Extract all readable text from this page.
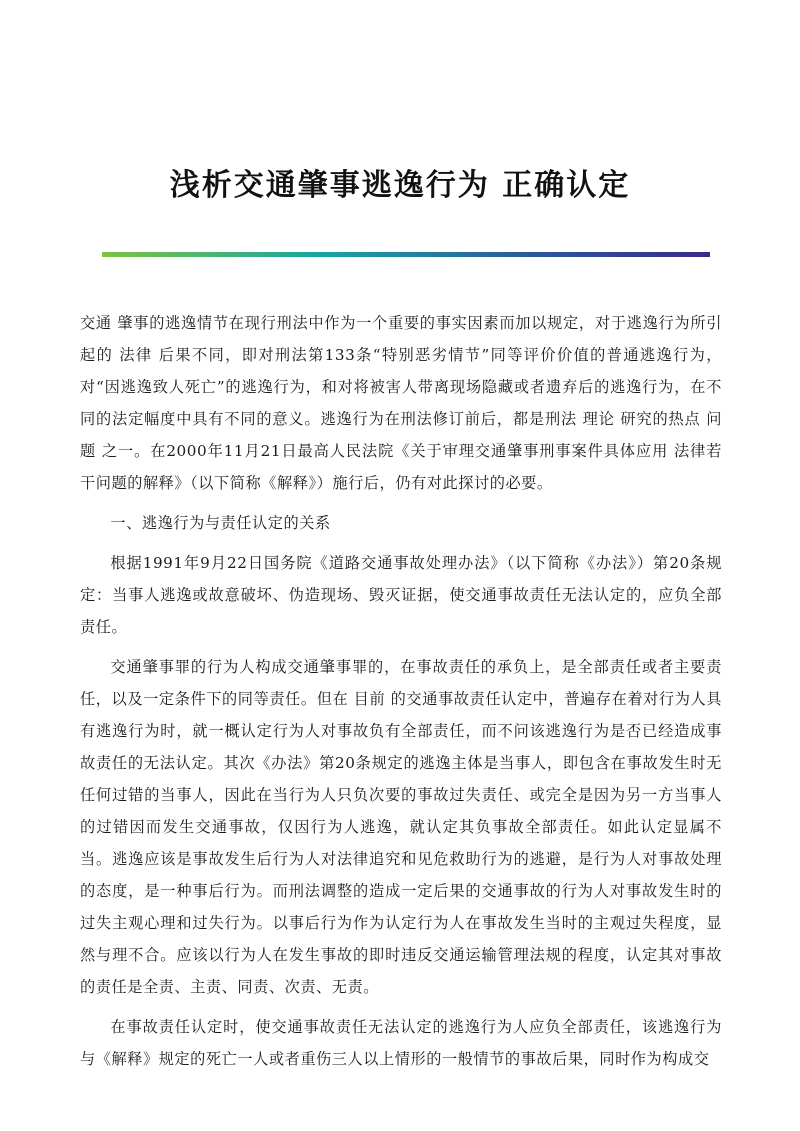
浅析交通肇事逃逸行为 正确认定

交通 肇事的逃逸情节在现行刑法中作为一个重要的事实因素而加以规定，对于逃逸行为所引起的 法律 后果不同，即对刑法第133条“特别恶劣情节”同等评价价值的普通逃逸行为，对“因逃逸致人死亡”的逃逸行为，和对将被害人带离现场隐藏或者遗弃后的逃逸行为，在不同的法定幅度中具有不同的意义。逃逸行为在刑法修订前后，都是刑法 理论 研究的热点 问题 之一。在2000年11月21日最高人民法院《关于审理交通肇事刑事案件具体应用 法律若干问题的解释》（以下简称《解释》）施行后，仍有对此探讨的必要。

一、逃逸行为与责任认定的关系

根据1991年9月22日国务院《道路交通事故处理办法》（以下简称《办法》）第20条规定：当事人逃逸或故意破坏、伪造现场、毁灭证据，使交通事故责任无法认定的，应负全部责任。

交通肇事罪的行为人构成交通肇事罪的，在事故责任的承负上，是全部责任或者主要责任，以及一定条件下的同等责任。但在 目前 的交通事故责任认定中，普遍存在着对行为人具有逃逸行为时，就一概认定行为人对事故负有全部责任，而不问该逃逸行为是否已经造成事故责任的无法认定。其次《办法》第20条规定的逃逸主体是当事人，即包含在事故发生时无任何过错的当事人，因此在当行为人只负次要的事故过失责任、或完全是因为另一方当事人的过错因而发生交通事故，仅因行为人逃逸，就认定其负事故全部责任。如此认定显属不当。逃逸应该是事故发生后行为人对法律追究和见危救助行为的逃避，是行为人对事故处理的态度，是一种事后行为。而刑法调整的造成一定后果的交通事故的行为人对事故发生时的过失主观心理和过失行为。以事后行为作为认定行为人在事故发生当时的主观过失程度，显然与理不合。应该以行为人在发生事故的即时违反交通运输管理法规的程度，认定其对事故的责任是全责、主责、同责、次责、无责。

在事故责任认定时，使交通事故责任无法认定的逃逸行为人应负全部责任，该逃逸行为与《解释》规定的死亡一人或者重伤三人以上情形的一般情节的事故后果，同时作为构成交
